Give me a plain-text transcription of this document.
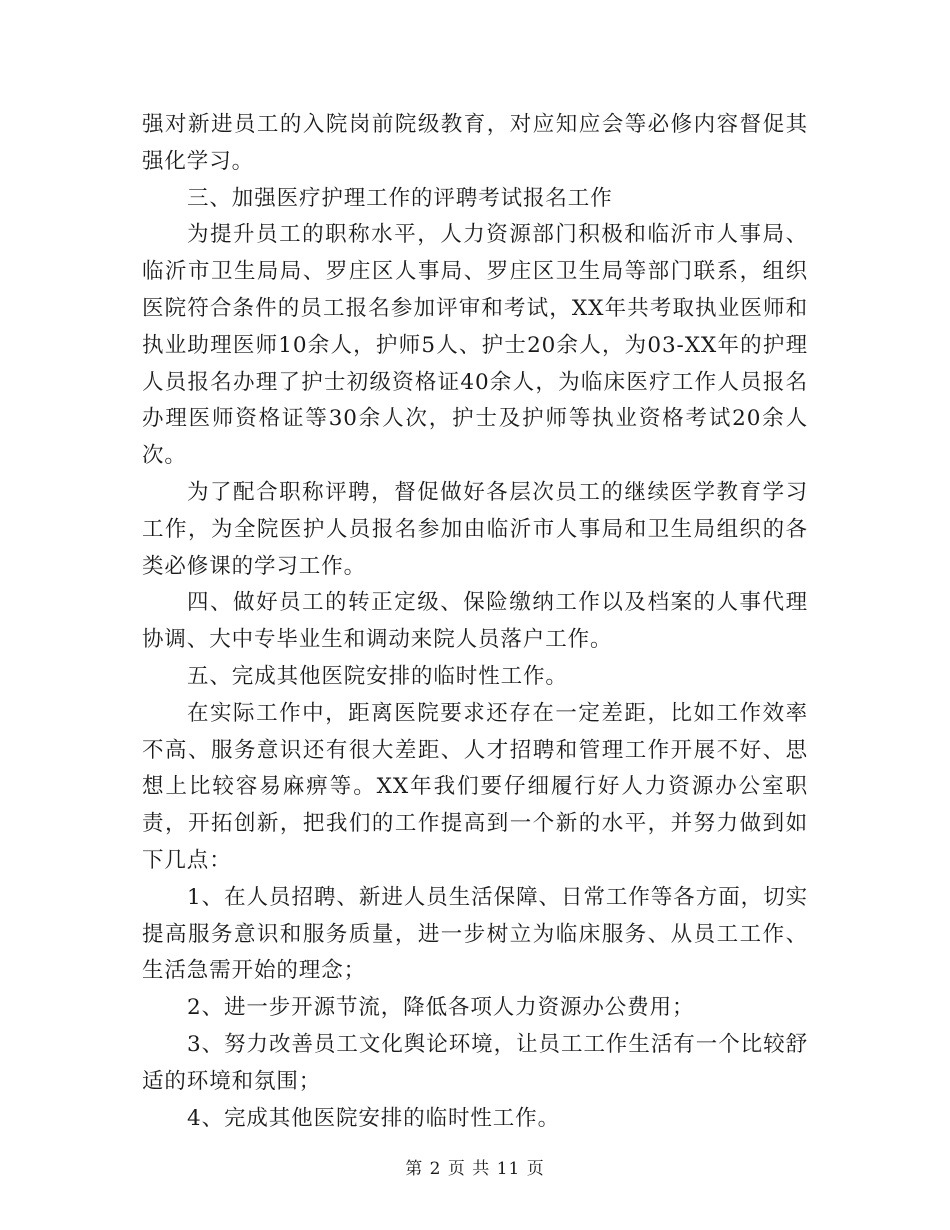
强对新进员工的入院岗前院级教育，对应知应会等必修内容督促其强化学习。

三、加强医疗护理工作的评聘考试报名工作

为提升员工的职称水平，人力资源部门积极和临沂市人事局、临沂市卫生局局、罗庄区人事局、罗庄区卫生局等部门联系，组织医院符合条件的员工报名参加评审和考试，XX年共考取执业医师和执业助理医师10余人，护师5人、护士20余人，为03-XX年的护理人员报名办理了护士初级资格证40余人，为临床医疗工作人员报名办理医师资格证等30余人次，护士及护师等执业资格考试20余人次。

为了配合职称评聘，督促做好各层次员工的继续医学教育学习工作，为全院医护人员报名参加由临沂市人事局和卫生局组织的各类必修课的学习工作。

四、做好员工的转正定级、保险缴纳工作以及档案的人事代理协调、大中专毕业生和调动来院人员落户工作。

五、完成其他医院安排的临时性工作。

在实际工作中，距离医院要求还存在一定差距，比如工作效率不高、服务意识还有很大差距、人才招聘和管理工作开展不好、思想上比较容易麻痹等。XX年我们要仔细履行好人力资源办公室职责，开拓创新，把我们的工作提高到一个新的水平，并努力做到如下几点：

1、在人员招聘、新进人员生活保障、日常工作等各方面，切实提高服务意识和服务质量，进一步树立为临床服务、从员工工作、生活急需开始的理念；

2、进一步开源节流，降低各项人力资源办公费用；

3、努力改善员工文化舆论环境，让员工工作生活有一个比较舒适的环境和氛围；

4、完成其他医院安排的临时性工作。

第 2 页 共 11 页
